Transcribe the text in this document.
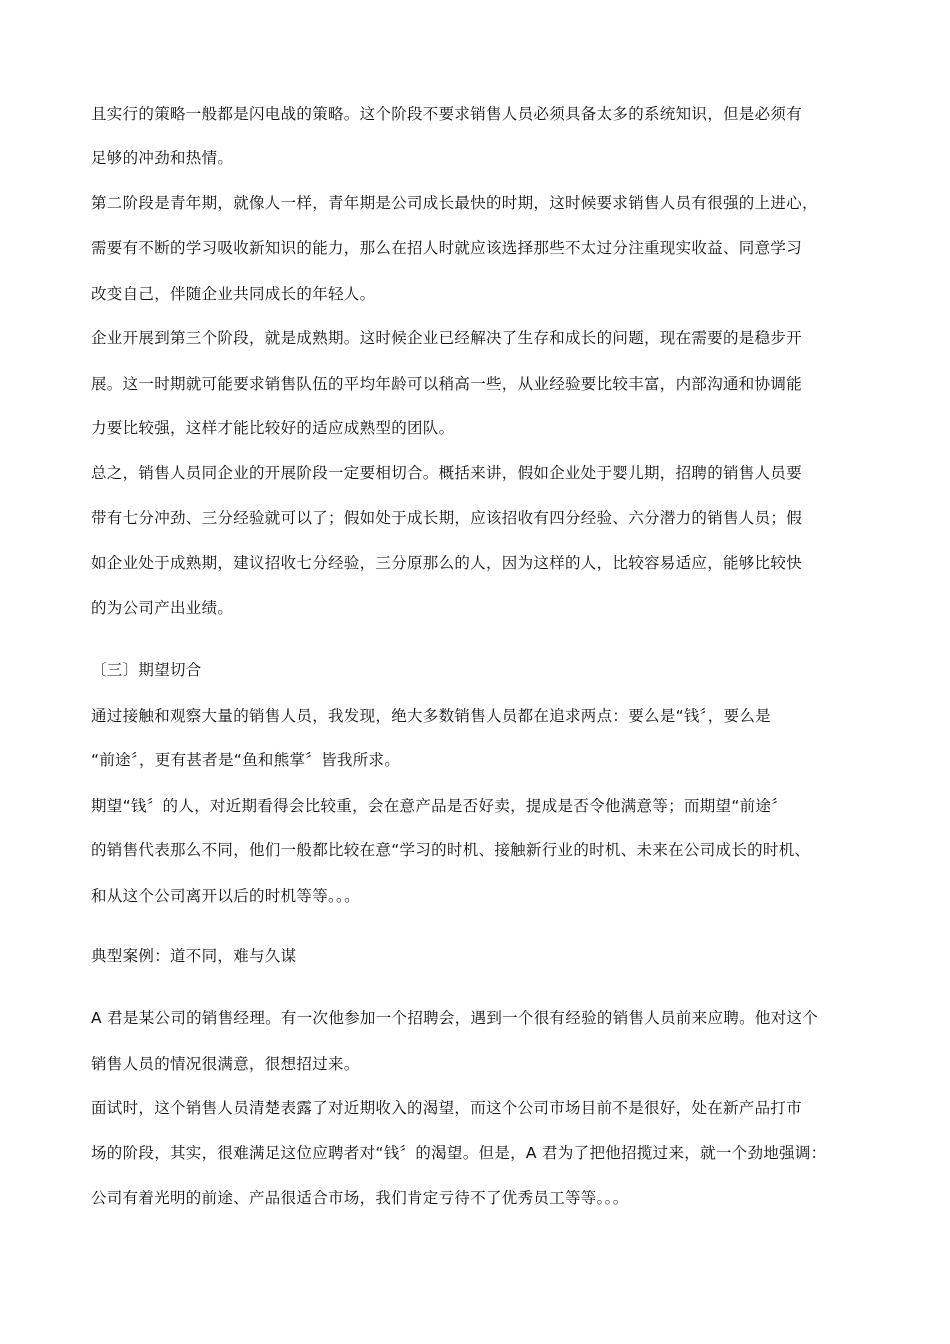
且实行的策略一般都是闪电战的策略。这个阶段不要求销售人员必须具备太多的系统知识，但是必须有
足够的冲劲和热情。
第二阶段是青年期，就像人一样，青年期是公司成长最快的时期，这时候要求销售人员有很强的上进心，
需要有不断的学习吸收新知识的能力，那么在招人时就应该选择那些不太过分注重现实收益、同意学习
改变自己，伴随企业共同成长的年轻人。
企业开展到第三个阶段，就是成熟期。这时候企业已经解决了生存和成长的问题，现在需要的是稳步开
展。这一时期就可能要求销售队伍的平均年龄可以稍高一些，从业经验要比较丰富，内部沟通和协调能
力要比较强，这样才能比较好的适应成熟型的团队。
总之，销售人员同企业的开展阶段一定要相切合。概括来讲，假如企业处于婴儿期，招聘的销售人员要
带有七分冲劲、三分经验就可以了；假如处于成长期，应该招收有四分经验、六分潜力的销售人员；假
如企业处于成熟期，建议招收七分经验，三分原那么的人，因为这样的人，比较容易适应，能够比较快
的为公司产出业绩。
〔三〕期望切合
通过接触和观察大量的销售人员，我发现，绝大多数销售人员都在追求两点：要么是“钱〞，要么是
“前途〞，更有甚者是“鱼和熊掌〞皆我所求。
期望“钱〞的人，对近期看得会比较重，会在意产品是否好卖，提成是否令他满意等；而期望“前途〞
的销售代表那么不同，他们一般都比较在意“学习的时机、接触新行业的时机、未来在公司成长的时机、
和从这个公司离开以后的时机等等。。。
典型案例：道不同，难与久谋
A 君是某公司的销售经理。有一次他参加一个招聘会，遇到一个很有经验的销售人员前来应聘。他对这个
销售人员的情况很满意，很想招过来。
面试时，这个销售人员清楚表露了对近期收入的渴望，而这个公司市场目前不是很好，处在新产品打市
场的阶段，其实，很难满足这位应聘者对“钱〞的渴望。但是，A 君为了把他招揽过来，就一个劲地强调：
公司有着光明的前途、产品很适合市场，我们肯定亏待不了优秀员工等等。。。
